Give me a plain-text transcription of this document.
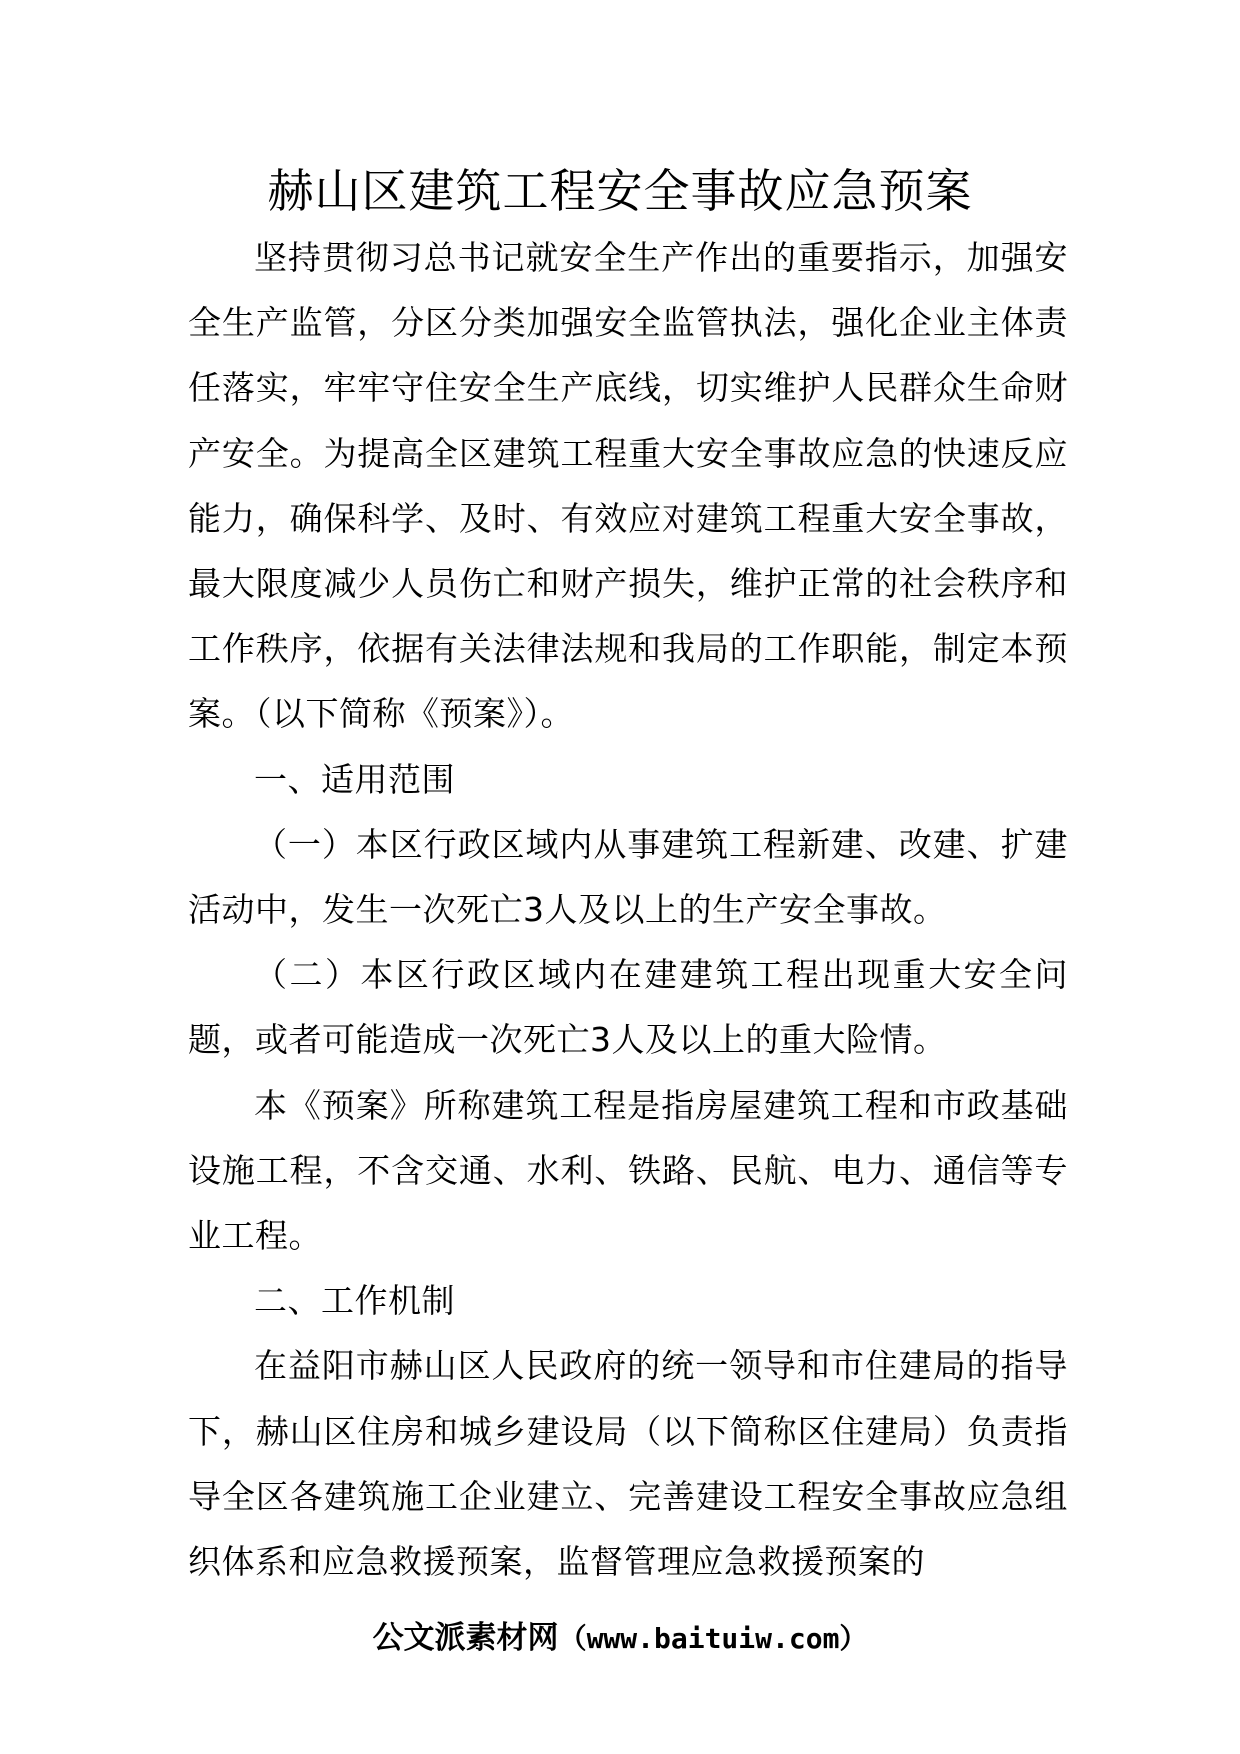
赫山区建筑工程安全事故应急预案

坚持贯彻习总书记就安全生产作出的重要指示，加强安全生产监管，分区分类加强安全监管执法，强化企业主体责任落实，牢牢守住安全生产底线，切实维护人民群众生命财产安全。为提高全区建筑工程重大安全事故应急的快速反应能力，确保科学、及时、有效应对建筑工程重大安全事故，最大限度减少人员伤亡和财产损失，维护正常的社会秩序和工作秩序，依据有关法律法规和我局的工作职能，制定本预案。（以下简称《预案》）。

一、适用范围

（一）本区行政区域内从事建筑工程新建、改建、扩建活动中，发生一次死亡3人及以上的生产安全事故。

（二）本区行政区域内在建建筑工程出现重大安全问题，或者可能造成一次死亡3人及以上的重大险情。

本《预案》所称建筑工程是指房屋建筑工程和市政基础设施工程，不含交通、水利、铁路、民航、电力、通信等专业工程。

二、工作机制

在益阳市赫山区人民政府的统一领导和市住建局的指导下，赫山区住房和城乡建设局（以下简称区住建局）负责指导全区各建筑施工企业建立、完善建设工程安全事故应急组织体系和应急救援预案，监督管理应急救援预案的

公文派素材网（www.baituiw.com）
